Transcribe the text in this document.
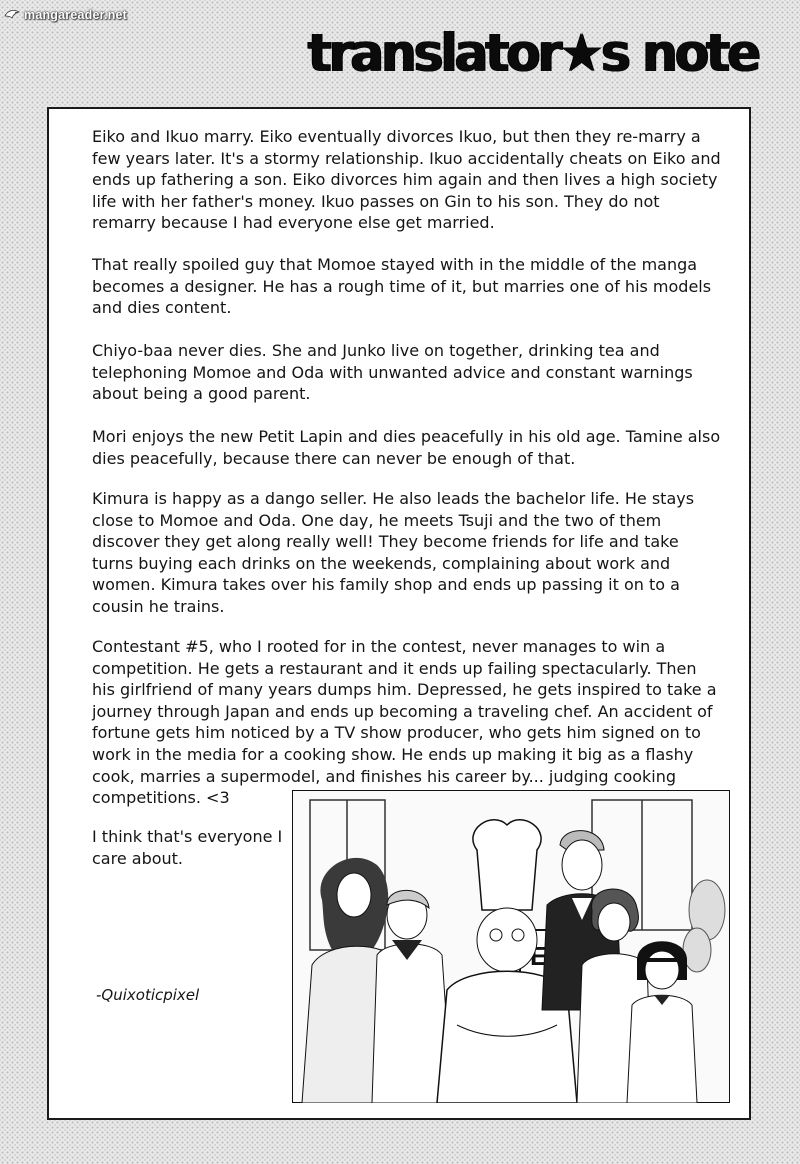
mangareader.net
translator★s note

Eiko and Ikuo marry. Eiko eventually divorces Ikuo, but then they re-marry a few years later. It's a stormy relationship. Ikuo accidentally cheats on Eiko and ends up fathering a son. Eiko divorces him again and then lives a high society life with her father's money. Ikuo passes on Gin to his son. They do not remarry because I had everyone else get married.

That really spoiled guy that Momoe stayed with in the middle of the manga becomes a designer. He has a rough time of it, but marries one of his models and dies content.

Chiyo-baa never dies. She and Junko live on together, drinking tea and telephoning Momoe and Oda with unwanted advice and constant warnings about being a good parent.

Mori enjoys the new Petit Lapin and dies peacefully in his old age. Tamine also dies peacefully, because there can never be enough of that.

Kimura is happy as a dango seller. He also leads the bachelor life. He stays close to Momoe and Oda. One day, he meets Tsuji and the two of them discover they get along really well! They become friends for life and take turns buying each drinks on the weekends, complaining about work and women. Kimura takes over his family shop and ends up passing it on to a cousin he trains.

Contestant #5, who I rooted for in the contest, never manages to win a competition. He gets a restaurant and it ends up failing spectacularly. Then his girlfriend of many years dumps him. Depressed, he gets inspired to take a journey through Japan and ends up becoming a traveling chef. An accident of fortune gets him noticed by a TV show producer, who gets him signed on to work in the media for a cooking show. He ends up making it big as a flashy cook, marries a supermodel, and finishes his career by... judging cooking competitions. <3

I think that's everyone I care about.

-Quixoticpixel
